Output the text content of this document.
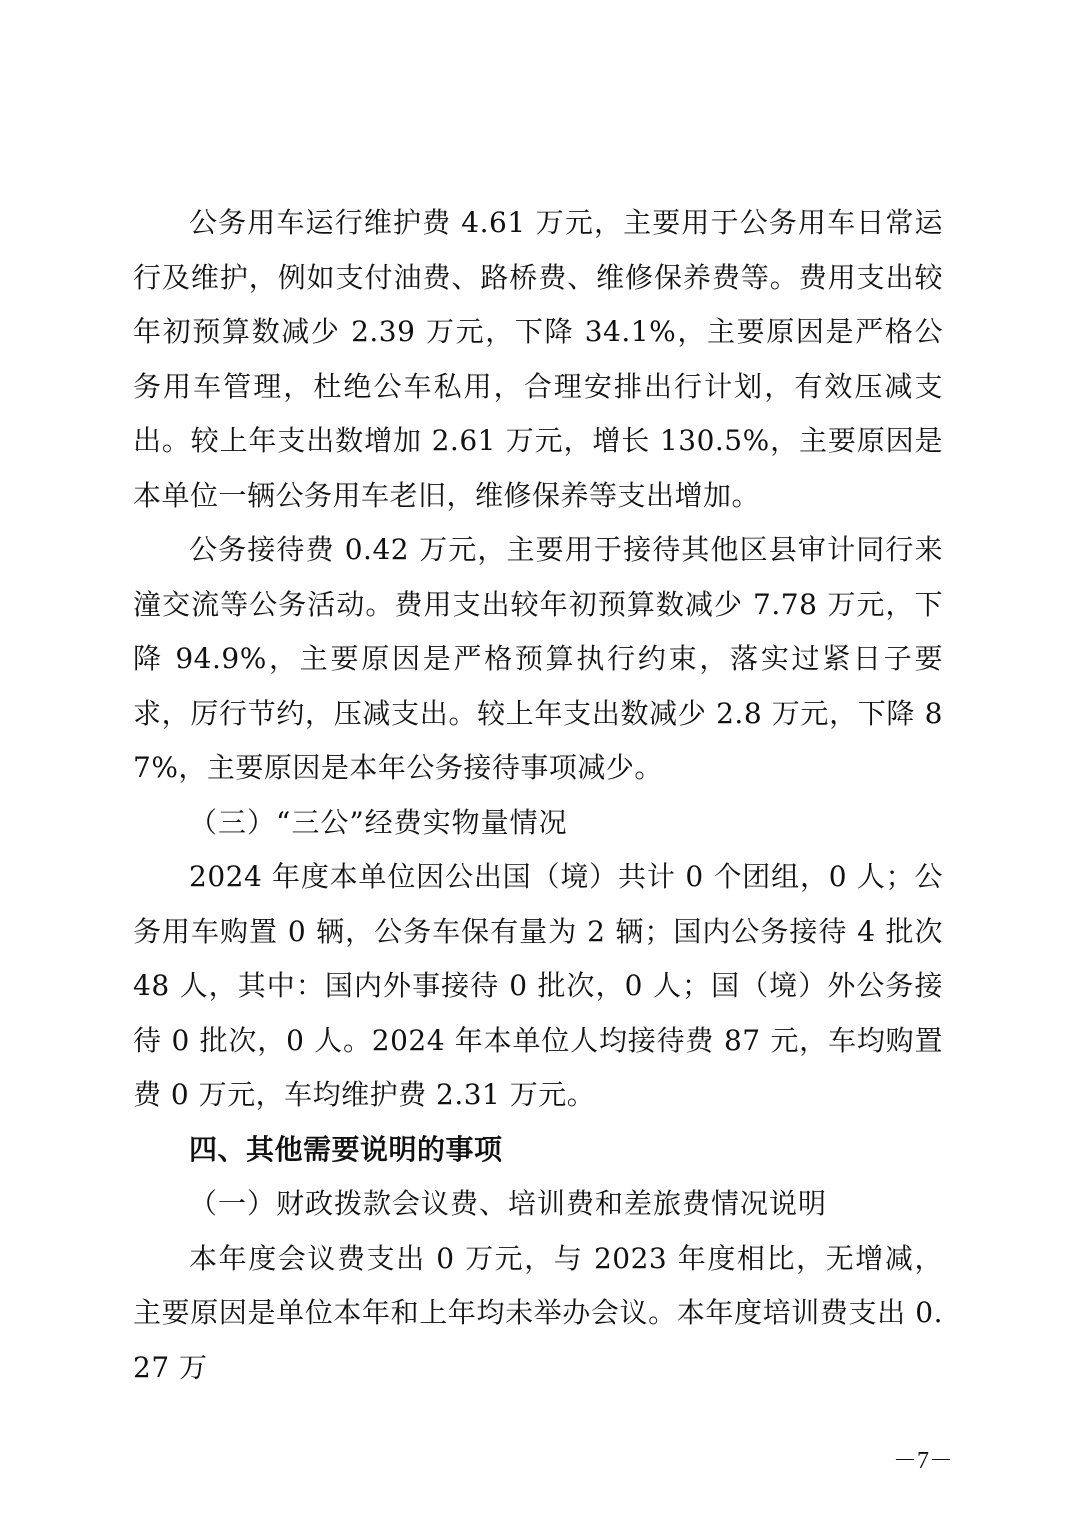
公务用车运行维护费 4.61 万元，主要用于公务用车日常运行及维护，例如支付油费、路桥费、维修保养费等。费用支出较年初预算数减少 2.39 万元，下降 34.1%，主要原因是严格公务用车管理，杜绝公车私用，合理安排出行计划，有效压减支出。较上年支出数增加 2.61 万元，增长 130.5%，主要原因是本单位一辆公务用车老旧，维修保养等支出增加。

公务接待费 0.42 万元，主要用于接待其他区县审计同行来潼交流等公务活动。费用支出较年初预算数减少 7.78 万元，下降 94.9%，主要原因是严格预算执行约束，落实过紧日子要求，厉行节约，压减支出。较上年支出数减少 2.8 万元，下降 87%，主要原因是本年公务接待事项减少。

（三）“三公”经费实物量情况

2024 年度本单位因公出国（境）共计 0 个团组，0 人；公务用车购置 0 辆，公务车保有量为 2 辆；国内公务接待 4 批次 48 人，其中：国内外事接待 0 批次，0 人；国（境）外公务接待 0 批次，0 人。2024 年本单位人均接待费 87 元，车均购置费 0 万元，车均维护费 2.31 万元。

四、其他需要说明的事项

（一）财政拨款会议费、培训费和差旅费情况说明

本年度会议费支出 0 万元，与 2023 年度相比，无增减，主要原因是单位本年和上年均未举办会议。本年度培训费支出 0.27 万

－7－
